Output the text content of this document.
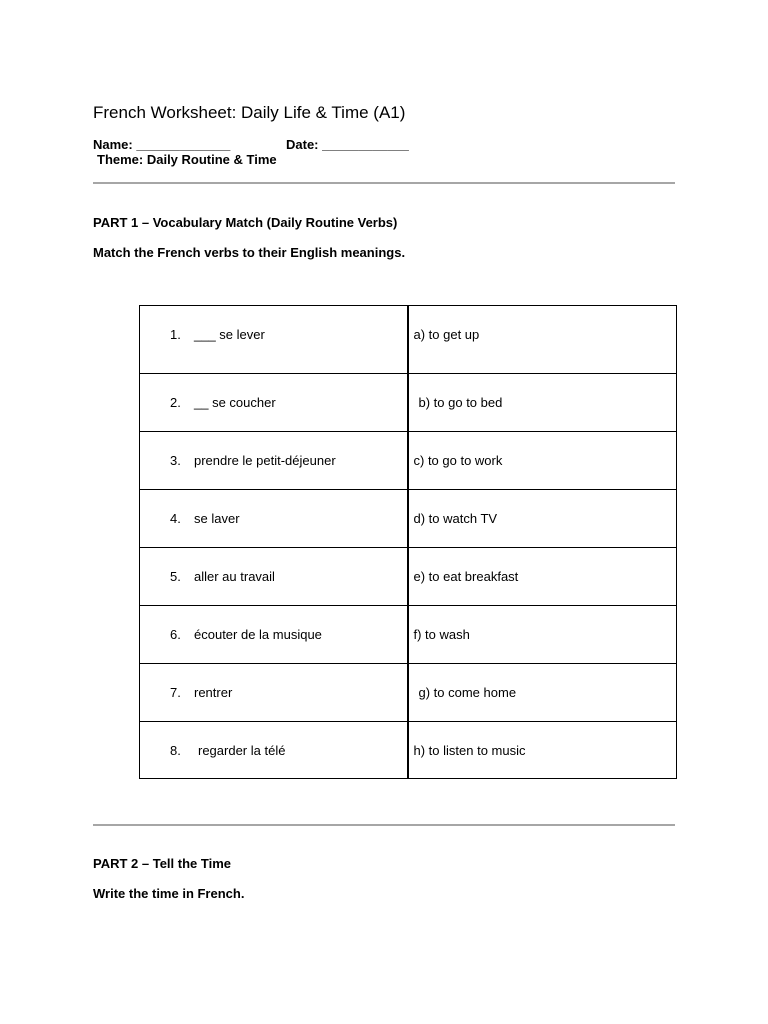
French Worksheet: Daily Life & Time (A1)
Name: _____________	Date: ____________
Theme: Daily Routine & Time
PART 1 – Vocabulary Match (Daily Routine Verbs)
Match the French verbs to their English meanings.
1. ___ se lever	a) to get up

2. __ se coucher	b) to go to bed

3. prendre le petit-déjeuner	c) to go to work

4. se laver	d) to watch TV

5. aller au travail	e) to eat breakfast

6. écouter de la musique	f) to wash

7. rentrer	g) to come home

8. regarder la télé	h) to listen to music
PART 2 – Tell the Time
Write the time in French.
